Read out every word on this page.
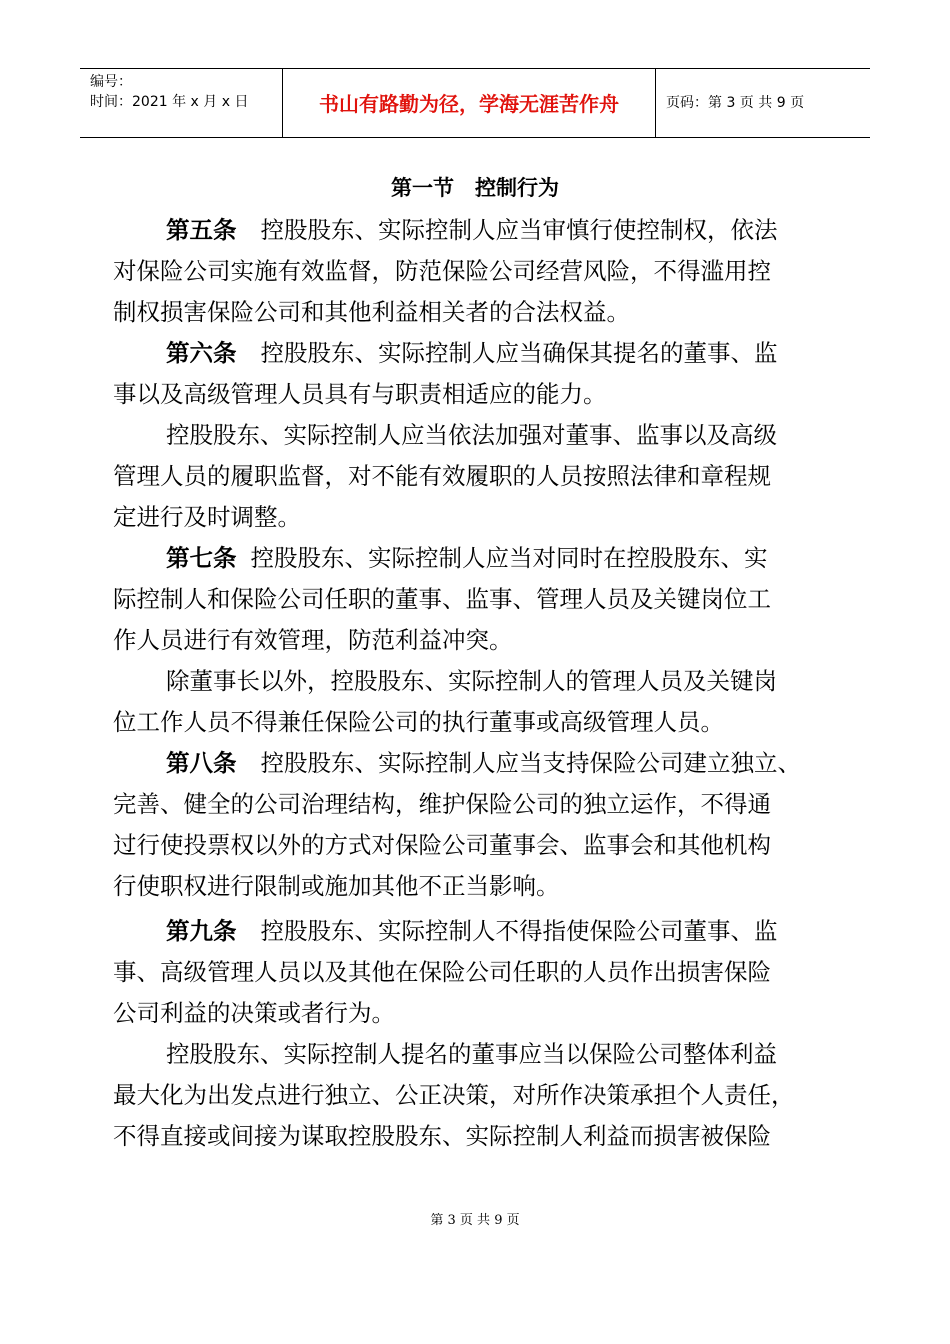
编号：
时间：2021 年 x 月 x 日	书山有路勤为径，学海无涯苦作舟	页码：第 3 页 共 9 页
第一节　控制行为
第五条 控股股东、实际控制人应当审慎行使控制权，依法
对保险公司实施有效监督，防范保险公司经营风险，不得滥用控
制权损害保险公司和其他利益相关者的合法权益。
第六条 控股股东、实际控制人应当确保其提名的董事、监
事以及高级管理人员具有与职责相适应的能力。
控股股东、实际控制人应当依法加强对董事、监事以及高级
管理人员的履职监督，对不能有效履职的人员按照法律和章程规
定进行及时调整。
第七条 控股股东、实际控制人应当对同时在控股股东、实
际控制人和保险公司任职的董事、监事、管理人员及关键岗位工
作人员进行有效管理，防范利益冲突。
除董事长以外，控股股东、实际控制人的管理人员及关键岗
位工作人员不得兼任保险公司的执行董事或高级管理人员。
第八条 控股股东、实际控制人应当支持保险公司建立独立、
完善、健全的公司治理结构，维护保险公司的独立运作，不得通
过行使投票权以外的方式对保险公司董事会、监事会和其他机构
行使职权进行限制或施加其他不正当影响。
第九条 控股股东、实际控制人不得指使保险公司董事、监
事、高级管理人员以及其他在保险公司任职的人员作出损害保险
公司利益的决策或者行为。
控股股东、实际控制人提名的董事应当以保险公司整体利益
最大化为出发点进行独立、公正决策，对所作决策承担个人责任，
不得直接或间接为谋取控股股东、实际控制人利益而损害被保险
第 3 页 共 9 页
